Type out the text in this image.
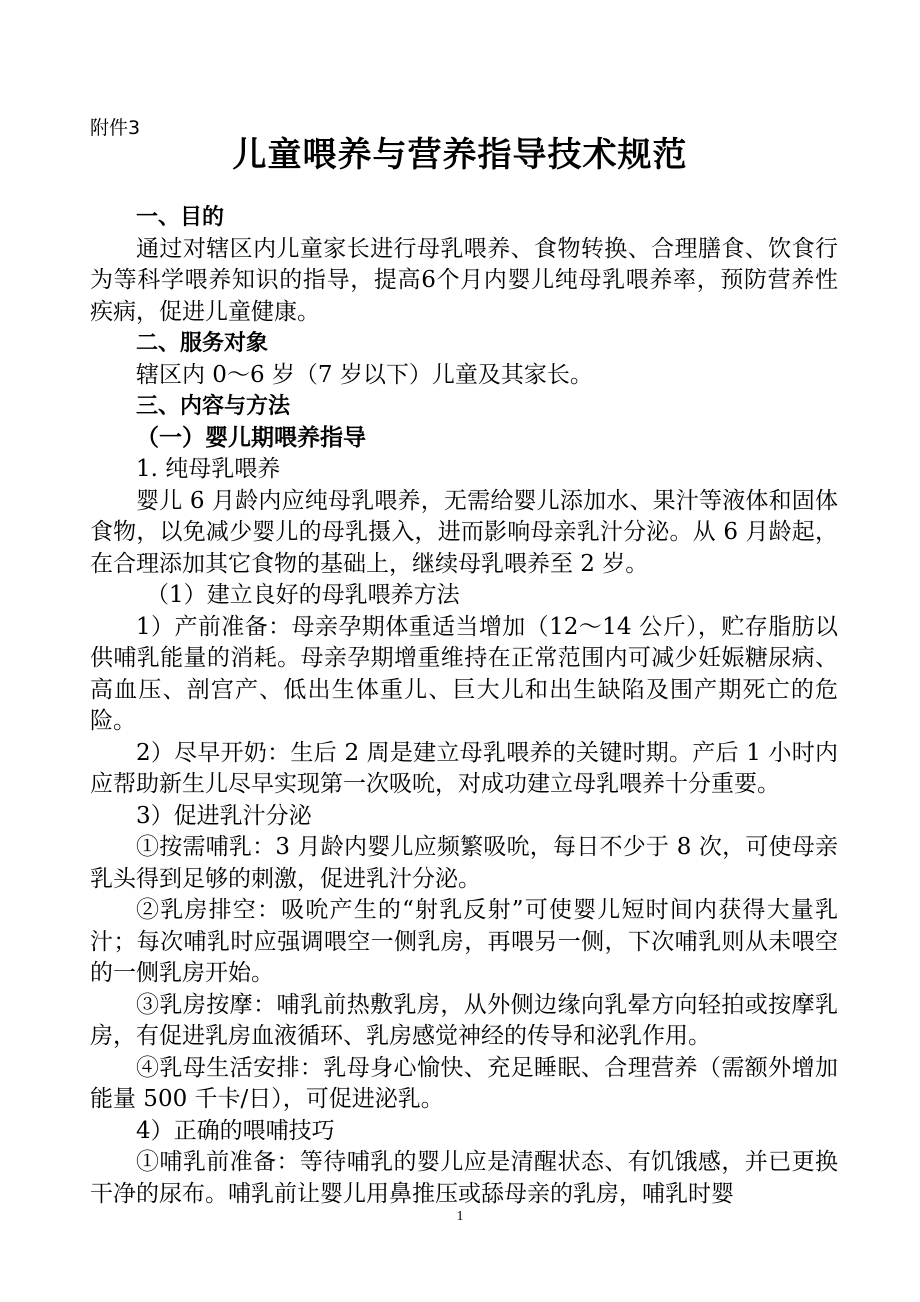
附件3
儿童喂养与营养指导技术规范

一、目的

通过对辖区内儿童家长进行母乳喂养、食物转换、合理膳食、饮食行为等科学喂养知识的指导，提高6个月内婴儿纯母乳喂养率，预防营养性疾病，促进儿童健康。

二、服务对象

辖区内 0～6 岁（7 岁以下）儿童及其家长。

三、内容与方法

（一）婴儿期喂养指导

1. 纯母乳喂养

婴儿 6 月龄内应纯母乳喂养，无需给婴儿添加水、果汁等液体和固体食物，以免减少婴儿的母乳摄入，进而影响母亲乳汁分泌。从 6 月龄起，在合理添加其它食物的基础上，继续母乳喂养至 2 岁。

（1）建立良好的母乳喂养方法

1）产前准备：母亲孕期体重适当增加（12～14 公斤），贮存脂肪以供哺乳能量的消耗。母亲孕期增重维持在正常范围内可减少妊娠糖尿病、高血压、剖宫产、低出生体重儿、巨大儿和出生缺陷及围产期死亡的危险。

2）尽早开奶：生后 2 周是建立母乳喂养的关键时期。产后 1 小时内应帮助新生儿尽早实现第一次吸吮，对成功建立母乳喂养十分重要。

3）促进乳汁分泌

①按需哺乳：3 月龄内婴儿应频繁吸吮，每日不少于 8 次，可使母亲乳头得到足够的刺激，促进乳汁分泌。

②乳房排空：吸吮产生的“射乳反射”可使婴儿短时间内获得大量乳汁；每次哺乳时应强调喂空一侧乳房，再喂另一侧，下次哺乳则从未喂空的一侧乳房开始。

③乳房按摩：哺乳前热敷乳房，从外侧边缘向乳晕方向轻拍或按摩乳房，有促进乳房血液循环、乳房感觉神经的传导和泌乳作用。

④乳母生活安排：乳母身心愉快、充足睡眠、合理营养（需额外增加能量 500 千卡/日），可促进泌乳。

4）正确的喂哺技巧

①哺乳前准备：等待哺乳的婴儿应是清醒状态、有饥饿感，并已更换干净的尿布。哺乳前让婴儿用鼻推压或舔母亲的乳房，哺乳时婴

1
